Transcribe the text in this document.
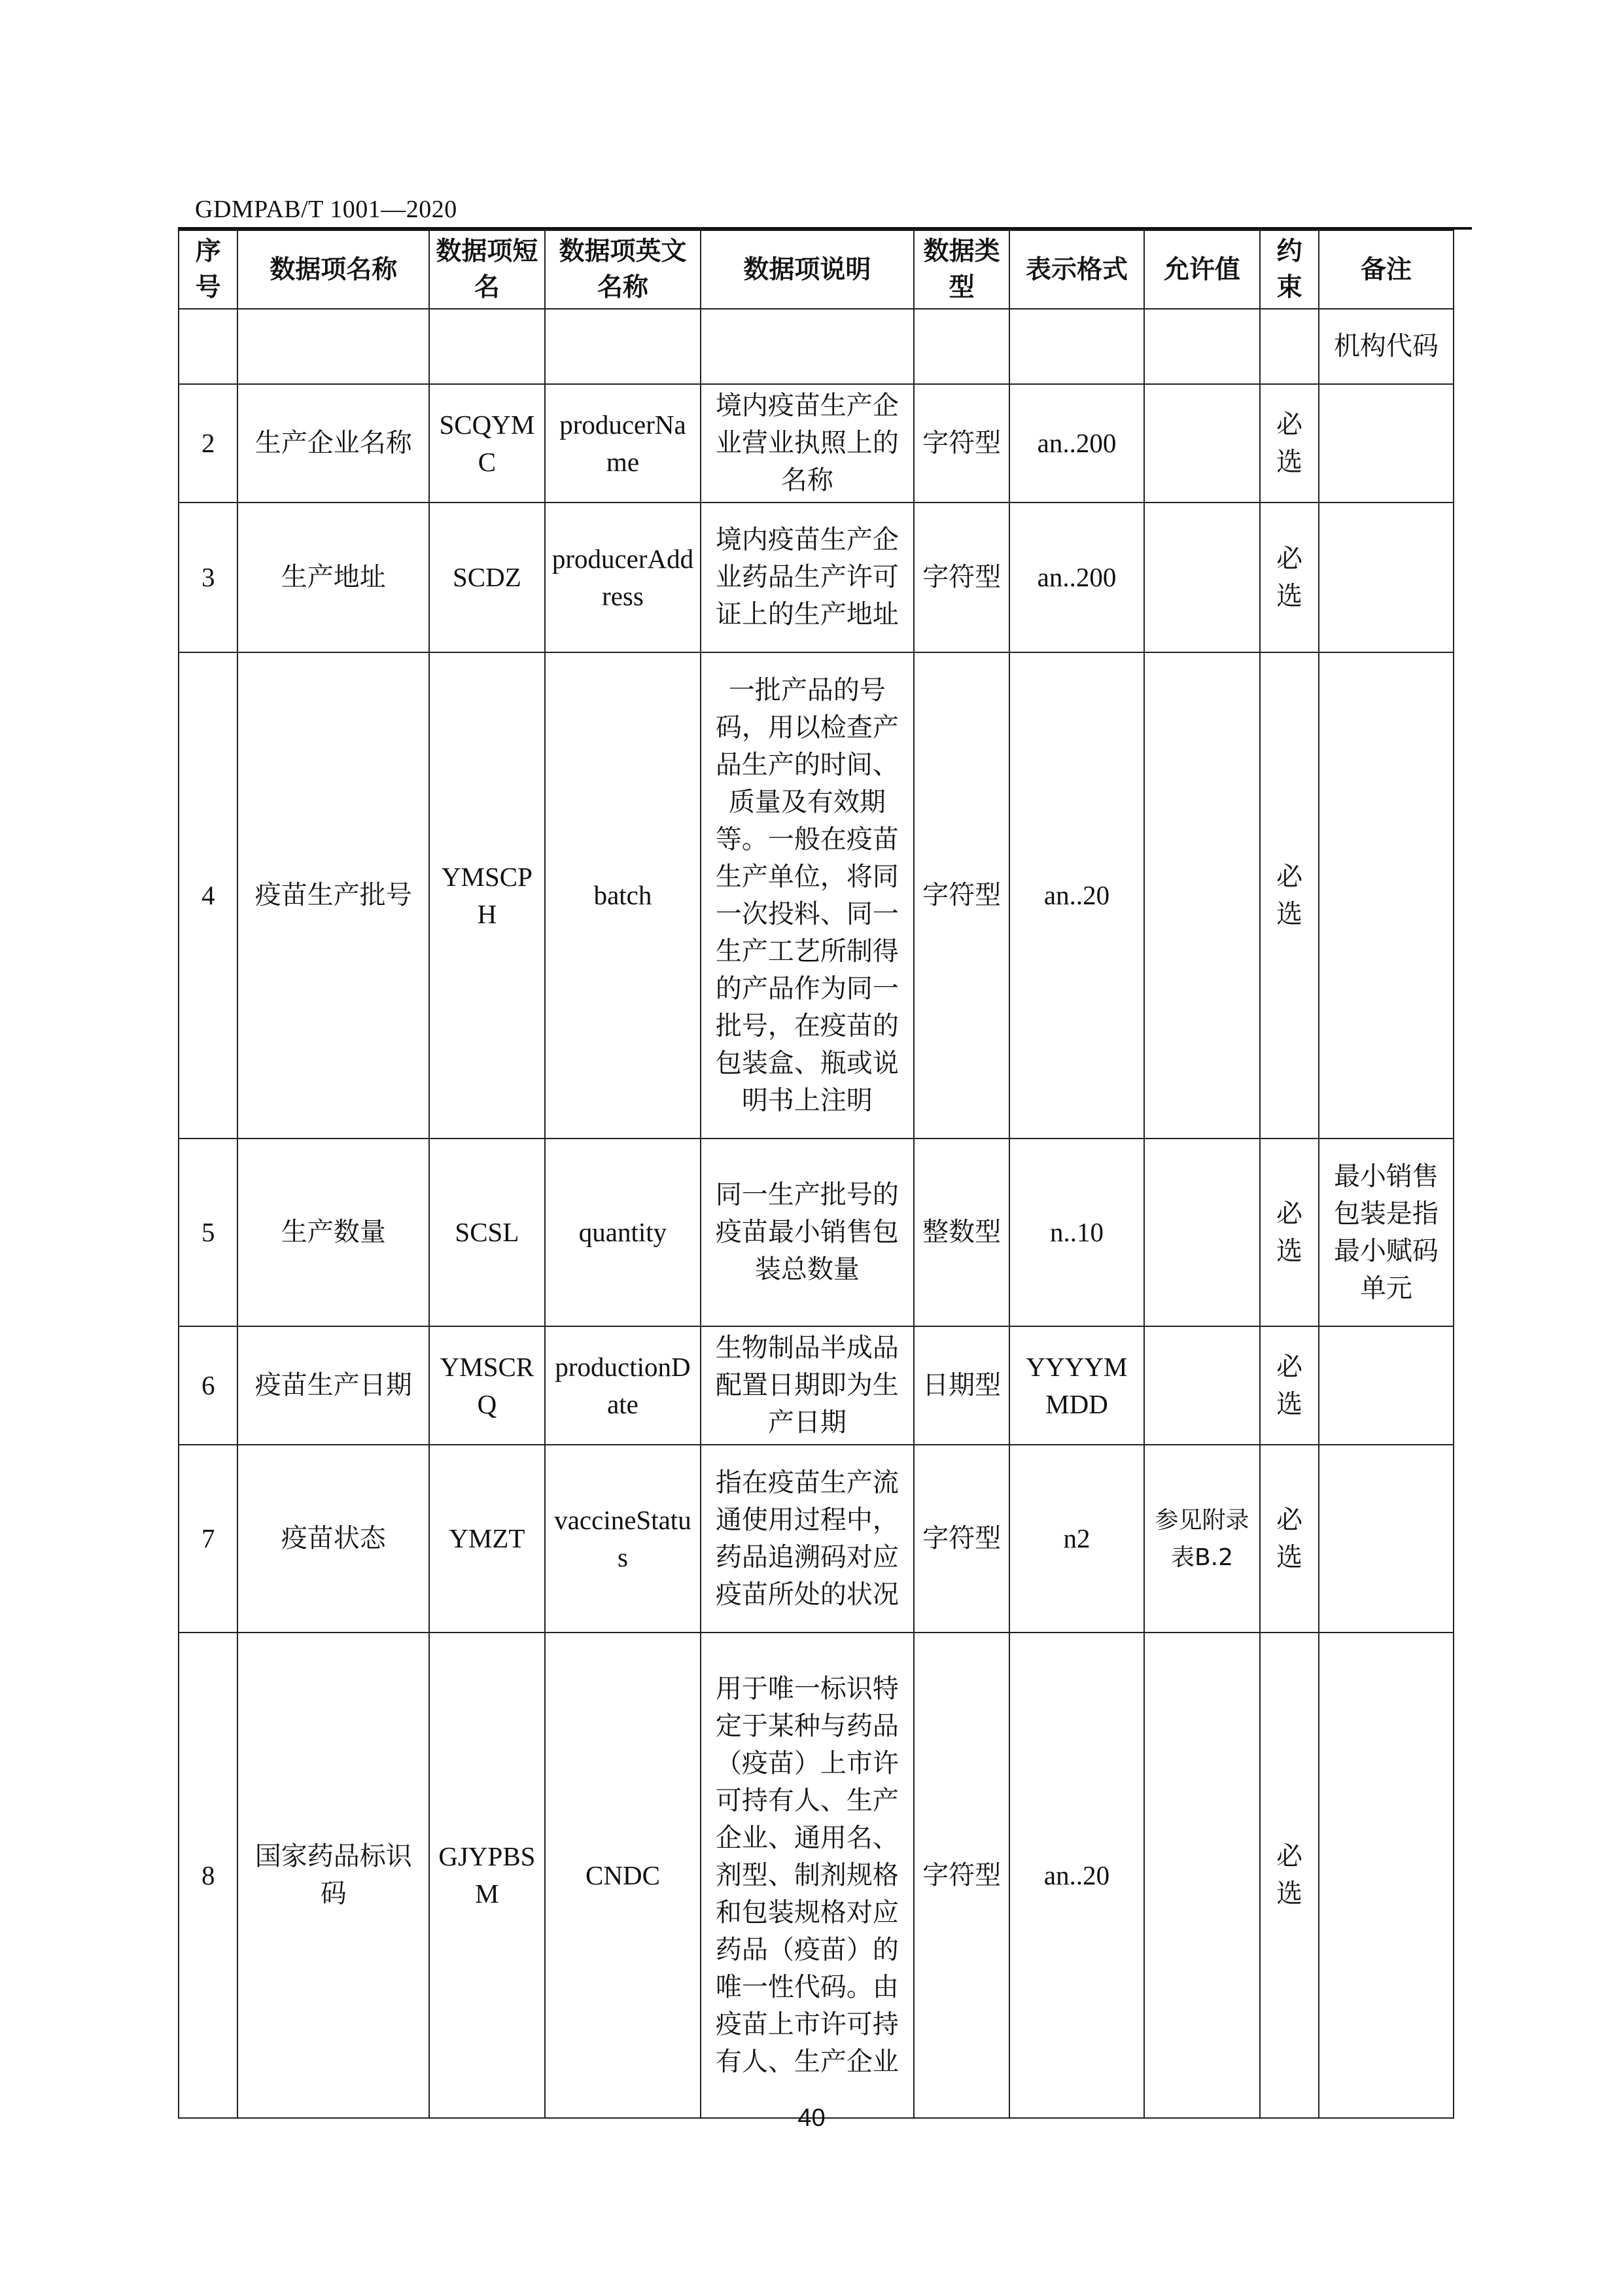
GDMPAB/T 1001—2020
序号	数据项名称	数据项短名	数据项英文名称	数据项说明	数据类型	表示格式	允许值	约束	备注
									机构代码
2	生产企业名称	SCQYMC	producerName	境内疫苗生产企业营业执照上的名称	字符型	an..200		必选	
3	生产地址	SCDZ	producerAddress	境内疫苗生产企业药品生产许可证上的生产地址	字符型	an..200		必选	
4	疫苗生产批号	YMSCPH	batch	一批产品的号码，用以检查产品生产的时间、质量及有效期等。一般在疫苗生产单位，将同一次投料、同一生产工艺所制得的产品作为同一批号，在疫苗的包装盒、瓶或说明书上注明	字符型	an..20		必选	
5	生产数量	SCSL	quantity	同一生产批号的疫苗最小销售包装总数量	整数型	n..10		必选	最小销售包装是指最小赋码单元
6	疫苗生产日期	YMSCRQ	productionDate	生物制品半成品配置日期即为生产日期	日期型	YYYYMMDD		必选	
7	疫苗状态	YMZT	vaccineStatus	指在疫苗生产流通使用过程中，药品追溯码对应疫苗所处的状况	字符型	n2	参见附录表B.2	必选	
8	国家药品标识码	GJYPBSM	CNDC	用于唯一标识特定于某种与药品（疫苗）上市许可持有人、生产企业、通用名、剂型、制剂规格和包装规格对应药品（疫苗）的唯一性代码。由疫苗上市许可持有人、生产企业	字符型	an..20		必选	
40
